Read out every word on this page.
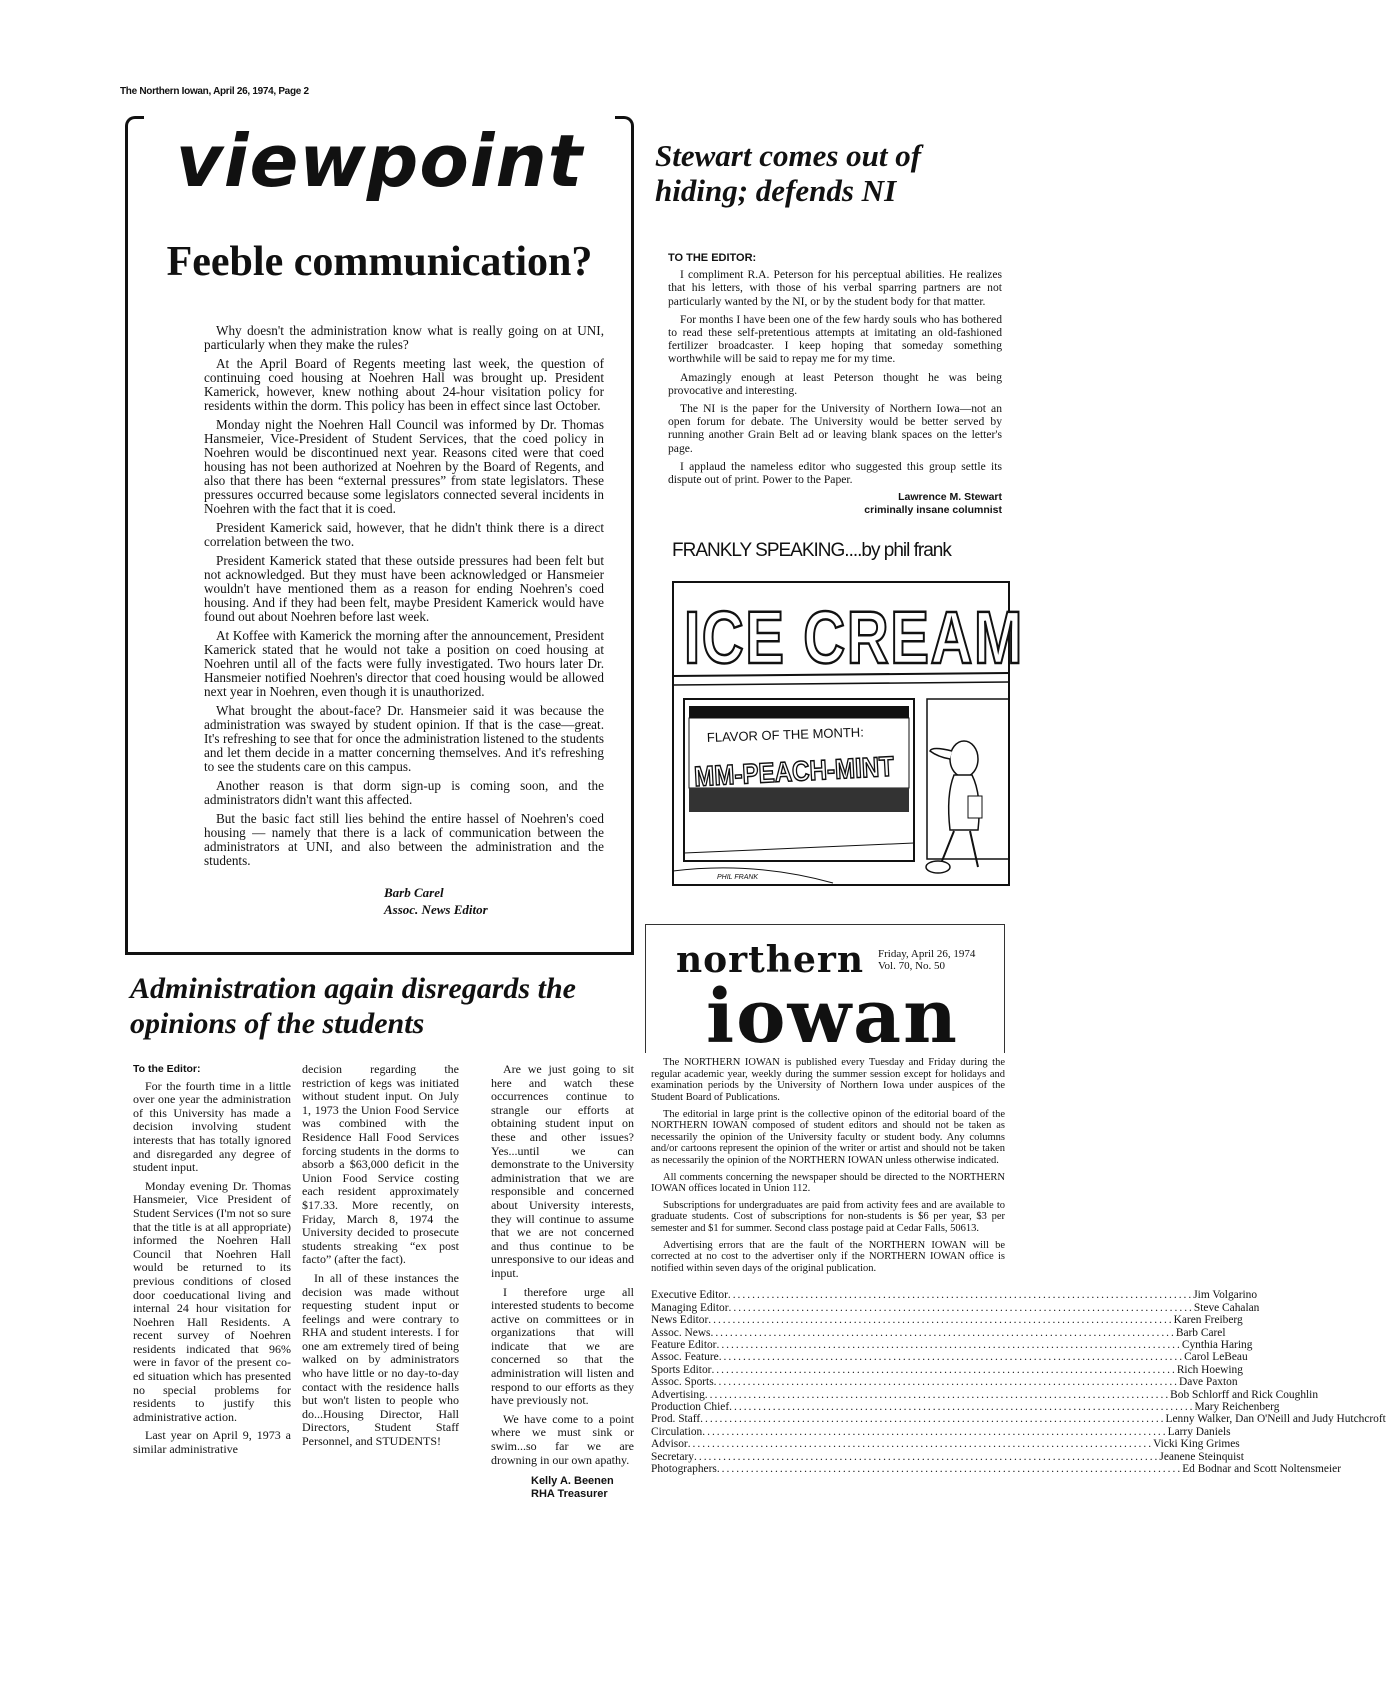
The Northern Iowan, April 26, 1974, Page 2
viewpoint
Feeble communication?

Why doesn't the administration know what is really going on at UNI, particularly when they make the rules?

At the April Board of Regents meeting last week, the question of continuing coed housing at Noehren Hall was brought up. President Kamerick, however, knew nothing about 24-hour visitation policy for residents within the dorm. This policy has been in effect since last October.

Monday night the Noehren Hall Council was informed by Dr. Thomas Hansmeier, Vice-President of Student Services, that the coed policy in Noehren would be discontinued next year. Reasons cited were that coed housing has not been authorized at Noehren by the Board of Regents, and also that there has been “external pressures” from state legislators. These pressures occurred because some legislators connected several incidents in Noehren with the fact that it is coed.

President Kamerick said, however, that he didn't think there is a direct correlation between the two.

President Kamerick stated that these outside pressures had been felt but not acknowledged. But they must have been acknowledged or Hansmeier wouldn't have mentioned them as a reason for ending Noehren's coed housing. And if they had been felt, maybe President Kamerick would have found out about Noehren before last week.

At Koffee with Kamerick the morning after the announcement, President Kamerick stated that he would not take a position on coed housing at Noehren until all of the facts were fully investigated. Two hours later Dr. Hansmeier notified Noehren's director that coed housing would be allowed next year in Noehren, even though it is unauthorized.

What brought the about-face? Dr. Hansmeier said it was because the administration was swayed by student opinion. If that is the case—great. It's refreshing to see that for once the administration listened to the students and let them decide in a matter concerning themselves. And it's refreshing to see the students care on this campus.

Another reason is that dorm sign-up is coming soon, and the administrators didn't want this affected.

But the basic fact still lies behind the entire hassel of Noehren's coed housing — namely that there is a lack of communication between the administrators at UNI, and also between the administration and the students.

Barb Carel
Assoc. News Editor
Administration again disregards the opinions of the students
To the Editor:

For the fourth time in a little over one year the administration of this University has made a decision involving student interests that has totally ignored and disregarded any degree of student input.

Monday evening Dr. Thomas Hansmeier, Vice President of Student Services (I'm not so sure that the title is at all appropriate) informed the Noehren Hall Council that Noehren Hall would be returned to its previous conditions of closed door coeducational living and internal 24 hour visitation for Noehren Hall Residents. A recent survey of Noehren residents indicated that 96% were in favor of the present co-ed situation which has presented no special problems for residents to justify this administrative action.

Last year on April 9, 1973 a similar administrative

decision regarding the restriction of kegs was initiated without student input. On July 1, 1973 the Union Food Service was combined with the Residence Hall Food Services forcing students in the dorms to absorb a $63,000 deficit in the Union Food Service costing each resident approximately $17.33. More recently, on Friday, March 8, 1974 the University decided to prosecute students streaking “ex post facto” (after the fact).

In all of these instances the decision was made without requesting student input or feelings and were contrary to RHA and student interests. I for one am extremely tired of being walked on by administrators who have little or no day-to-day contact with the residence halls but won't listen to people who do...Housing Director, Hall Directors, Student Staff Personnel, and STUDENTS!

Are we just going to sit here and watch these occurrences continue to strangle our efforts at obtaining student input on these and other issues? Yes...until we can demonstrate to the University administration that we are responsible and concerned about University interests, they will continue to assume that we are not concerned and thus continue to be unresponsive to our ideas and input.

I therefore urge all interested students to become active on committees or in organizations that will indicate that we are concerned so that the administration will listen and respond to our efforts as they have previously not.

We have come to a point where we must sink or swim...so far we are drowning in our own apathy.

Kelly A. Beenen
RHA Treasurer
Stewart comes out of hiding; defends NI
TO THE EDITOR:

I compliment R.A. Peterson for his perceptual abilities. He realizes that his letters, with those of his verbal sparring partners are not particularly wanted by the NI, or by the student body for that matter.

For months I have been one of the few hardy souls who has bothered to read these self-pretentious attempts at imitating an old-fashioned fertilizer broadcaster. I keep hoping that someday something worthwhile will be said to repay me for my time.

Amazingly enough at least Peterson thought he was being provocative and interesting.

The NI is the paper for the University of Northern Iowa—not an open forum for debate. The University would be better served by running another Grain Belt ad or leaving blank spaces on the letter's page.

I applaud the nameless editor who suggested this group settle its dispute out of print. Power to the Paper.

Lawrence M. Stewart
criminally insane columnist
FRANKLY SPEAKING....by phil frank
ICE CREAM
FLAVOR OF THE MONTH:
MM-PEACH-MINT
PHIL FRANK
northern Friday, April 26, 1974
Vol. 70, No. 50
iowan

The NORTHERN IOWAN is published every Tuesday and Friday during the regular academic year, weekly during the summer session except for holidays and examination periods by the University of Northern Iowa under auspices of the Student Board of Publications.

The editorial in large print is the collective opinon of the editorial board of the NORTHERN IOWAN composed of student editors and should not be taken as necessarily the opinion of the University faculty or student body. Any columns and/or cartoons represent the opinion of the writer or artist and should not be taken as necessarily the opinion of the NORTHERN IOWAN unless otherwise indicated.

All comments concerning the newspaper should be directed to the NORTHERN IOWAN offices located in Union 112.

Subscriptions for undergraduates are paid from activity fees and are available to graduate students. Cost of subscriptions for non-students is $6 per year, $3 per semester and $1 for summer. Second class postage paid at Cedar Falls, 50613.

Advertising errors that are the fault of the NORTHERN IOWAN will be corrected at no cost to the advertiser only if the NORTHERN IOWAN office is notified within seven days of the original publication.

Executive Editor .....	Jim Volgarino
Managing Editor .....	Steve Cahalan
News Editor .....	Karen Freiberg
Assoc. News .....	Barb Carel
Feature Editor .....	Cynthia Haring
Assoc. Feature .....	Carol LeBeau
Sports Editor .....	Rich Hoewing
Assoc. Sports .....	Dave Paxton
Advertising .....	Bob Schlorff and Rick Coughlin
Production Chief .....	Mary Reichenberg
Prod. Staff .....	Lenny Walker, Dan O'Neill and Judy Hutchcroft
Circulation .....	Larry Daniels
Advisor .....	Vicki King Grimes
Secretary .....	Jeanene Steinquist
Photographers .....	Ed Bodnar and Scott Noltensmeier
